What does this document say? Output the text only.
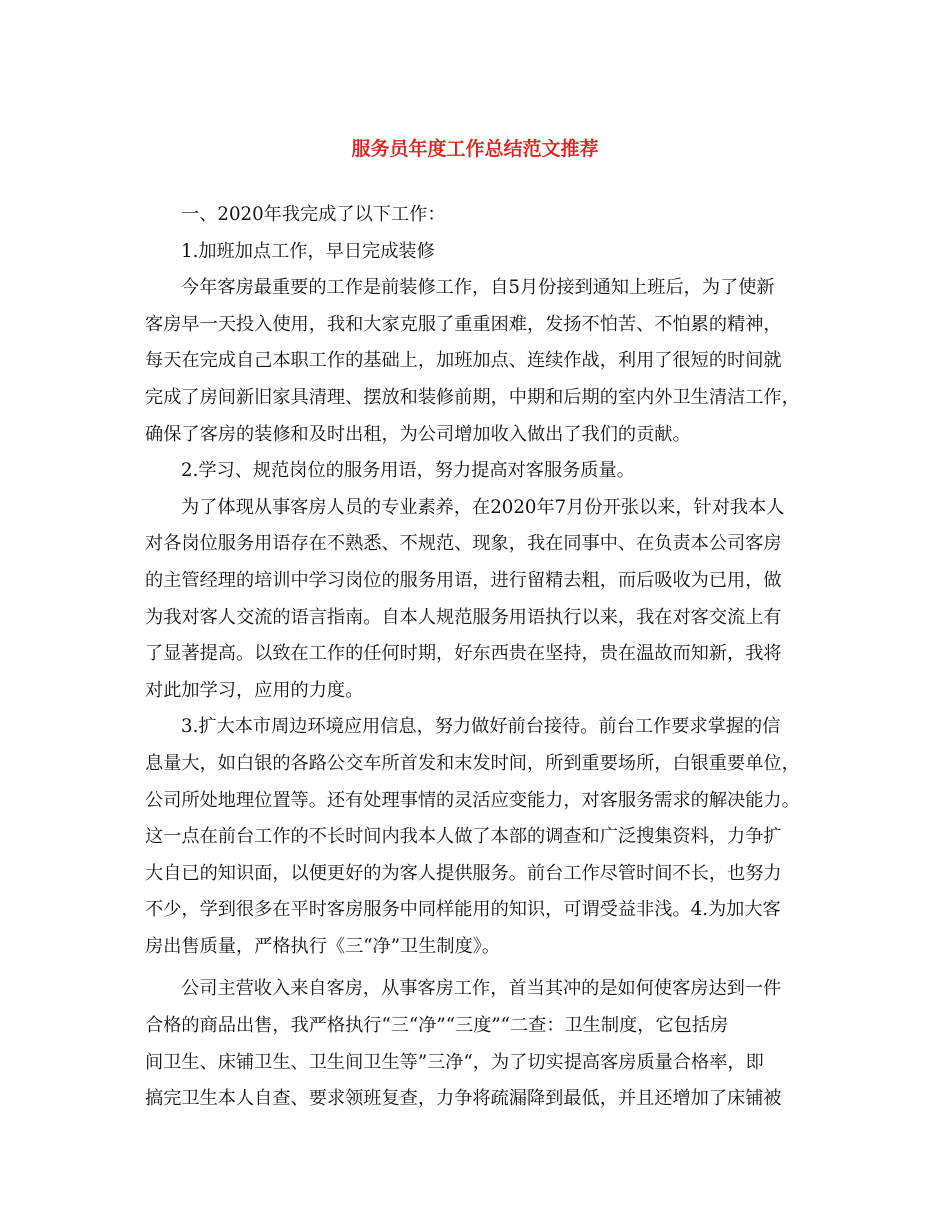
服务员年度工作总结范文推荐
一、2020年我完成了以下工作：
1.加班加点工作，早日完成装修
今年客房最重要的工作是前装修工作，自5月份接到通知上班后，为了使新
客房早一天投入使用，我和大家克服了重重困难，发扬不怕苦、不怕累的精神，
每天在完成自己本职工作的基础上，加班加点、连续作战，利用了很短的时间就
完成了房间新旧家具清理、摆放和装修前期，中期和后期的室内外卫生清洁工作，
确保了客房的装修和及时出租，为公司增加收入做出了我们的贡献。
2.学习、规范岗位的服务用语，努力提高对客服务质量。
为了体现从事客房人员的专业素养，在2020年7月份开张以来，针对我本人
对各岗位服务用语存在不熟悉、不规范、现象，我在同事中、在负责本公司客房
的主管经理的培训中学习岗位的服务用语，进行留精去粗，而后吸收为已用，做
为我对客人交流的语言指南。自本人规范服务用语执行以来，我在对客交流上有
了显著提高。以致在工作的任何时期，好东西贵在坚持，贵在温故而知新，我将
对此加学习，应用的力度。
3.扩大本市周边环境应用信息，努力做好前台接待。前台工作要求掌握的信
息量大，如白银的各路公交车所首发和末发时间，所到重要场所，白银重要单位，
公司所处地理位置等。还有处理事情的灵活应变能力，对客服务需求的解决能力。
这一点在前台工作的不长时间内我本人做了本部的调查和广泛搜集资料，力争扩
大自已的知识面，以便更好的为客人提供服务。前台工作尽管时间不长，也努力
不少，学到很多在平时客房服务中同样能用的知识，可谓受益非浅。4.为加大客
房出售质量，严格执行《三“净”卫生制度》。
公司主营收入来自客房，从事客房工作，首当其冲的是如何使客房达到一件
合格的商品出售，我严格执行“三“净”“三度”“二查：卫生制度，它包括房
间卫生、床铺卫生、卫生间卫生等”三净“，为了切实提高客房质量合格率，即
搞完卫生本人自查、要求领班复查，力争将疏漏降到最低，并且还增加了床铺被
